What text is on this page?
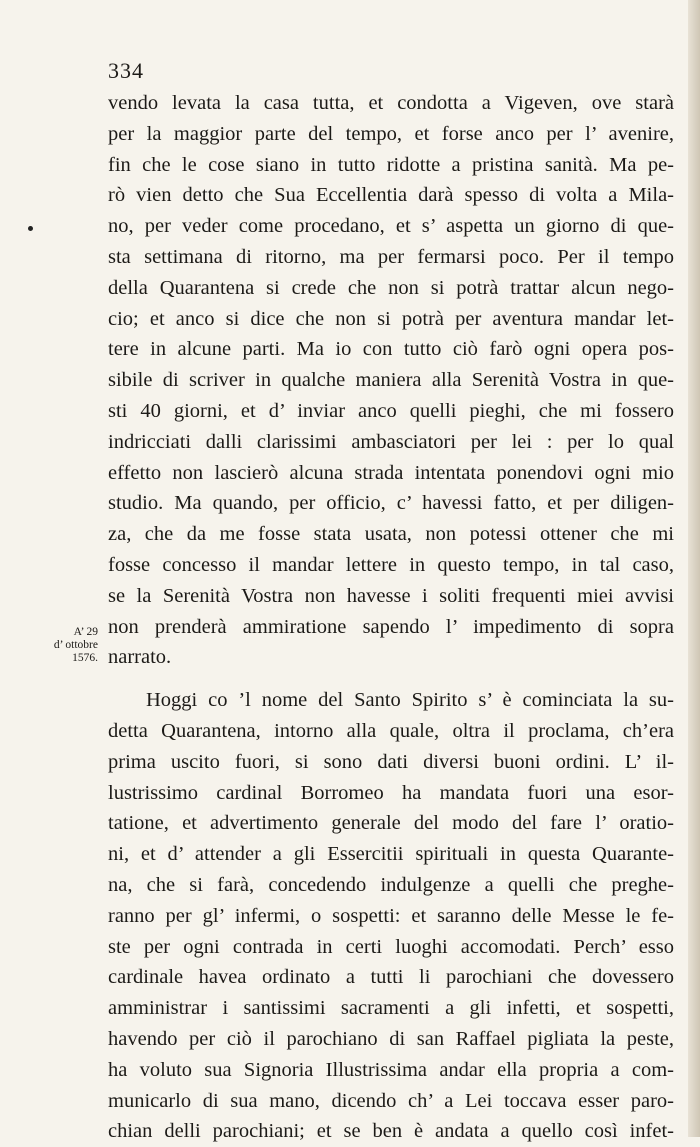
334
A’ 29
d’ ottobre
1576.
vendo levata la casa tutta, et condotta a Vigeven, ove starà
per la maggior parte del tempo, et forse anco per l’ avenire,
fin che le cose siano in tutto ridotte a pristina sanità. Ma pe-
rò vien detto che Sua Eccellentia darà spesso di volta a Mila-
no, per veder come procedano, et s’ aspetta un giorno di que-
sta settimana di ritorno, ma per fermarsi poco. Per il tempo
della Quarantena si crede che non si potrà trattar alcun nego-
cio; et anco si dice che non si potrà per aventura mandar let-
tere in alcune parti. Ma io con tutto ciò farò ogni opera pos-
sibile di scriver in qualche maniera alla Serenità Vostra in que-
sti 40 giorni, et d’ inviar anco quelli pieghi, che mi fossero
indricciati dalli clarissimi ambasciatori per lei : per lo qual
effetto non lascierò alcuna strada intentata ponendovi ogni mio
studio. Ma quando, per officio, c’ havessi fatto, et per diligen-
za, che da me fosse stata usata, non potessi ottener che mi
fosse concesso il mandar lettere in questo tempo, in tal caso,
se la Serenità Vostra non havesse i soliti frequenti miei avvisi
non prenderà ammiratione sapendo l’ impedimento di sopra
narrato.
Hoggi co ’l nome del Santo Spirito s’ è cominciata la su-
detta Quarantena, intorno alla quale, oltra il proclama, ch’era
prima uscito fuori, si sono dati diversi buoni ordini. L’ il-
lustrissimo cardinal Borromeo ha mandata fuori una esor-
tatione, et advertimento generale del modo del fare l’ oratio-
ni, et d’ attender a gli Essercitii spirituali in questa Quarante-
na, che si farà, concedendo indulgenze a quelli che preghe-
ranno per gl’ infermi, o sospetti: et saranno delle Messe le fe-
ste per ogni contrada in certi luoghi accomodati. Perch’ esso
cardinale havea ordinato a tutti li parochiani che dovessero
amministrar i santissimi sacramenti a gli infetti, et sospetti,
havendo per ciò il parochiano di san Raffael pigliata la peste,
ha voluto sua Signoria Illustrissima andar ella propria a com-
municarlo di sua mano, dicendo ch’ a Lei toccava esser paro-
chian delli parochiani; et se ben è andata a quello così infet-
